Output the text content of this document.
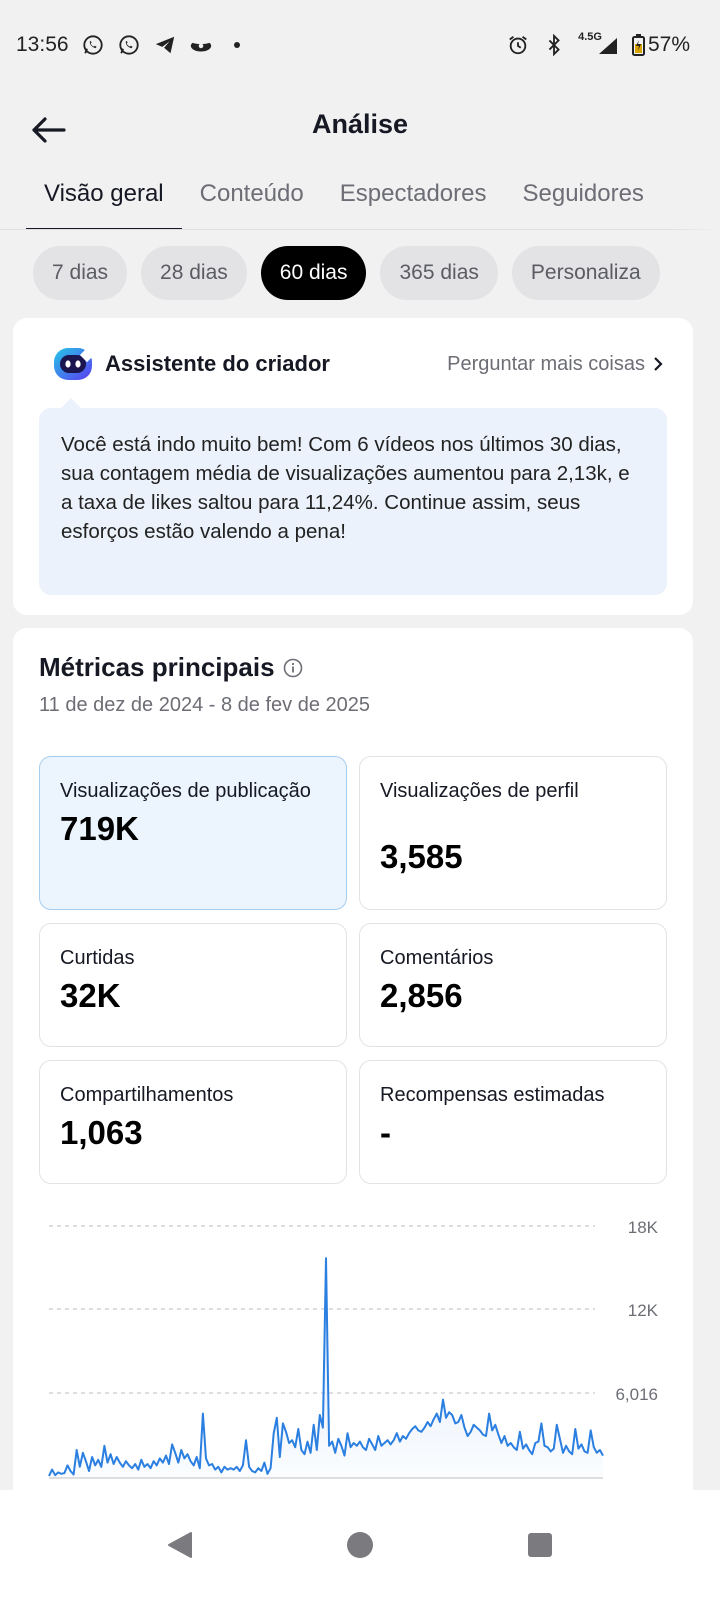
13:56	4.5G 57%
Análise
Visão geral	Conteúdo	Espectadores	Seguidores
7 dias	28 dias	60 dias	365 dias	Personaliza
Assistente do criador	Perguntar mais coisas
Você está indo muito bem! Com 6 vídeos nos últimos 30 dias, sua contagem média de visualizações aumentou para 2,13k, e a taxa de likes saltou para 11,24%. Continue assim, seus esforços estão valendo a pena!
Métricas principais
11 de dez de 2024 - 8 de fev de 2025
Visualizações de publicação
719K
Visualizações de perfil
3,585
Curtidas
32K
Comentários
2,856
Compartilhamentos
1,063
Recompensas estimadas
-
18K
12K
6,016
